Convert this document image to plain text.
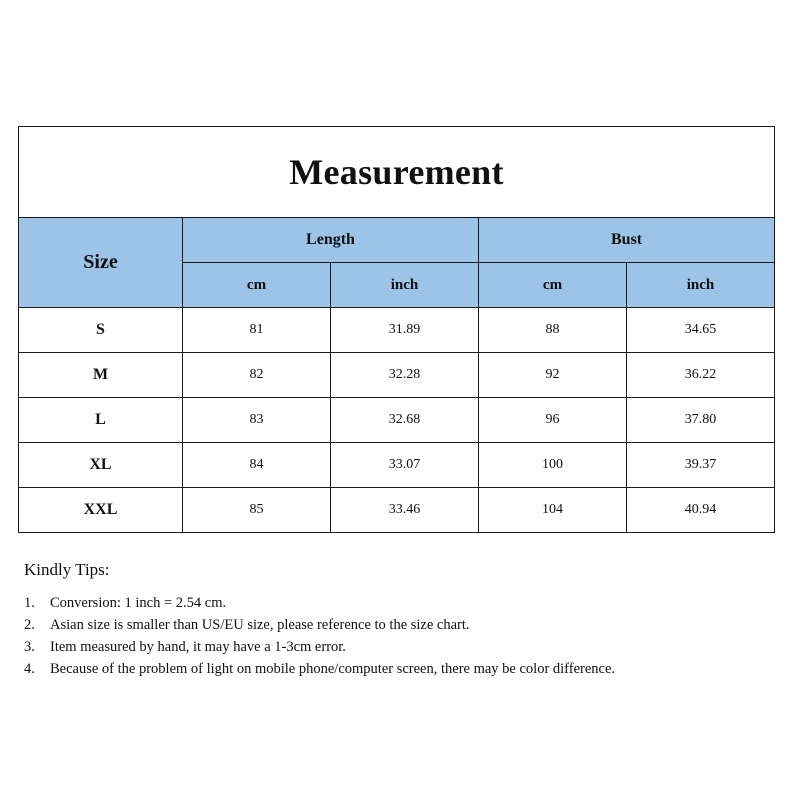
Measurement				
Size	Length		Bust	
	cm	inch	cm	inch
S	81	31.89	88	34.65
M	82	32.28	92	36.22
L	83	32.68	96	37.80
XL	84	33.07	100	39.37
XXL	85	33.46	104	40.94

Kindly Tips:

1.	Conversion: 1 inch = 2.54 cm.
2.	Asian size is smaller than US/EU size, please reference to the size chart.
3.	Item measured by hand, it may have a 1-3cm error.
4.	Because of the problem of light on mobile phone/computer screen, there may be color difference.
